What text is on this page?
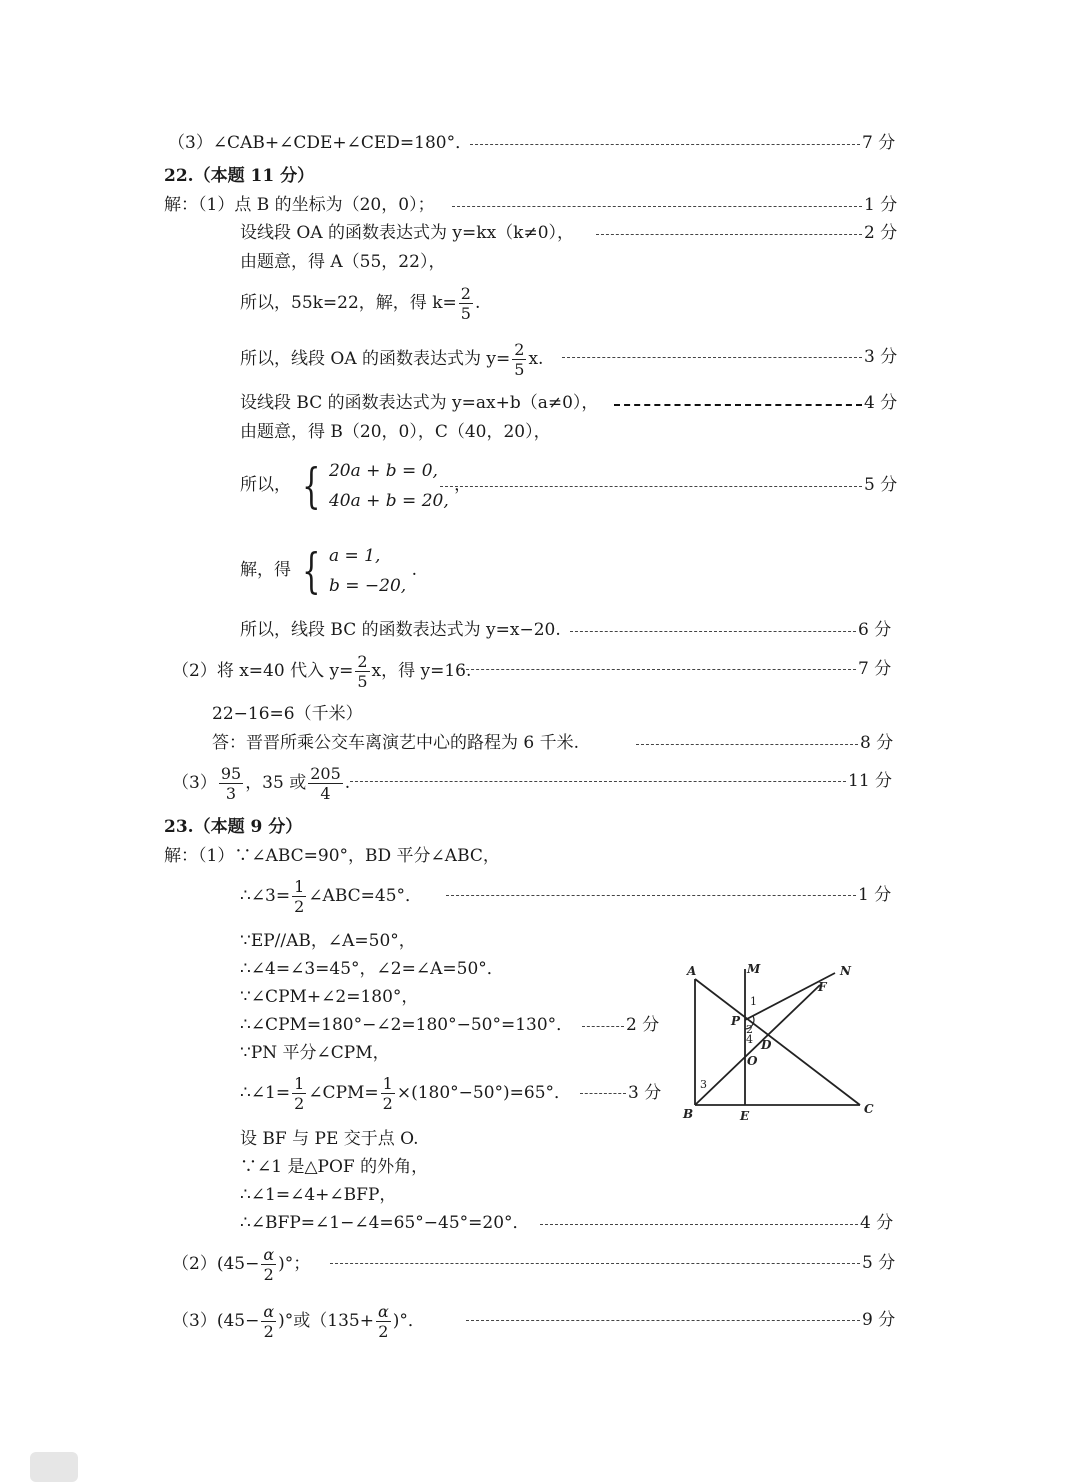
（3）∠CAB+∠CDE+∠CED=180°．	7 分
22.（本题 11 分）
解：（1）点 B 的坐标为（20，0）；	1 分
设线段 OA 的函数表达式为 y=kx（k≠0），	2 分
由题意，得 A（55，22），
所以，55k=22，解，得 $k= \frac{2}{5}$ .
所以，线段 OA 的函数表达式为 $y= \frac{2}{5} x$.	3 分
设线段 BC 的函数表达式为 y=ax+b（a≠0），	4 分
由题意，得 B（20，0），C（40，20），
所以， { 20a + b = 0,
40a + b = 20,
，	5 分
解，得 { a = 1,
b = −20,
.
所以，线段 BC 的函数表达式为 y=x−20.	6 分
（2）将 x=40 代入 $y= \frac{2}{5}$ x，得 y=16.	7 分
22−16=6（千米）
答：晋晋所乘公交车离演艺中心的路程为 6 千米.	8 分
$(3) \frac{95}{3}$ ，35 或 $\frac{205}{4}$ .	11 分
23.（本题 9 分）
解：（1）∵∠ABC=90°，BD 平分∠ABC，
∴∠3= $\frac{1}{2}$ ∠ABC=45°．	1 分
∵EP//AB，∠A=50°，
∴∠4=∠3=45°，∠2=∠A=50°．
∵∠CPM+∠2=180°，
∴∠CPM=180°−∠2=180°−50°=130°．	2 分
∵PN 平分∠CPM，
∴∠1= $\frac{1}{2}$ ∠CPM= $\frac{1}{2} \times(180^\circ-50^\circ)=65^\circ$．	3 分
设 BF 与 PE 交于点 O.
∵∠1 是△POF 的外角，
∴∠1=∠4+∠BFP，
∴∠BFP=∠1−∠4=65°−45°=20°．	4 分
$(2)(45- \frac{\alpha}{2}$ )°；	5 分
$(3)(45- \frac{\alpha}{2}$ )°或（$135+ \frac{\alpha}{2}$ )°．	9 分
A	M	N
F
P
D
O
B	E	C
1
2
3
4
